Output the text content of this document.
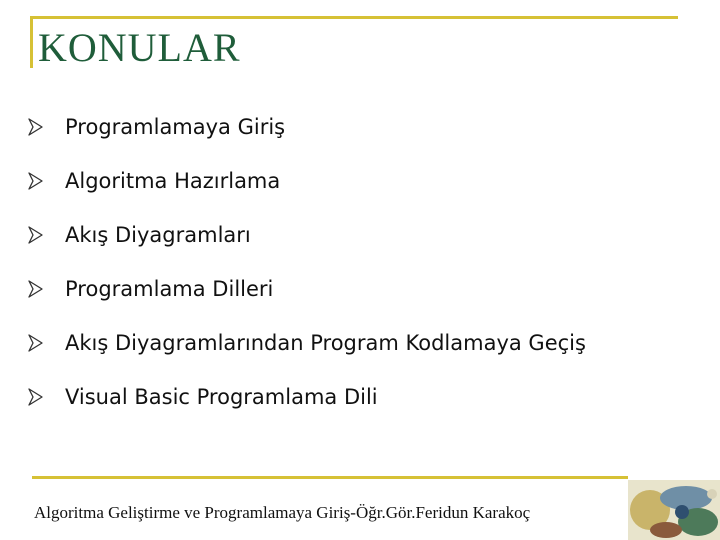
KONULAR
Programlamaya Giriş
Algoritma Hazırlama
Akış Diyagramları
Programlama Dilleri
Akış Diyagramlarından Program Kodlamaya Geçiş
Visual Basic Programlama Dili
Algoritma Geliştirme ve Programlamaya Giriş-Öğr.Gör.Feridun Karakoç
